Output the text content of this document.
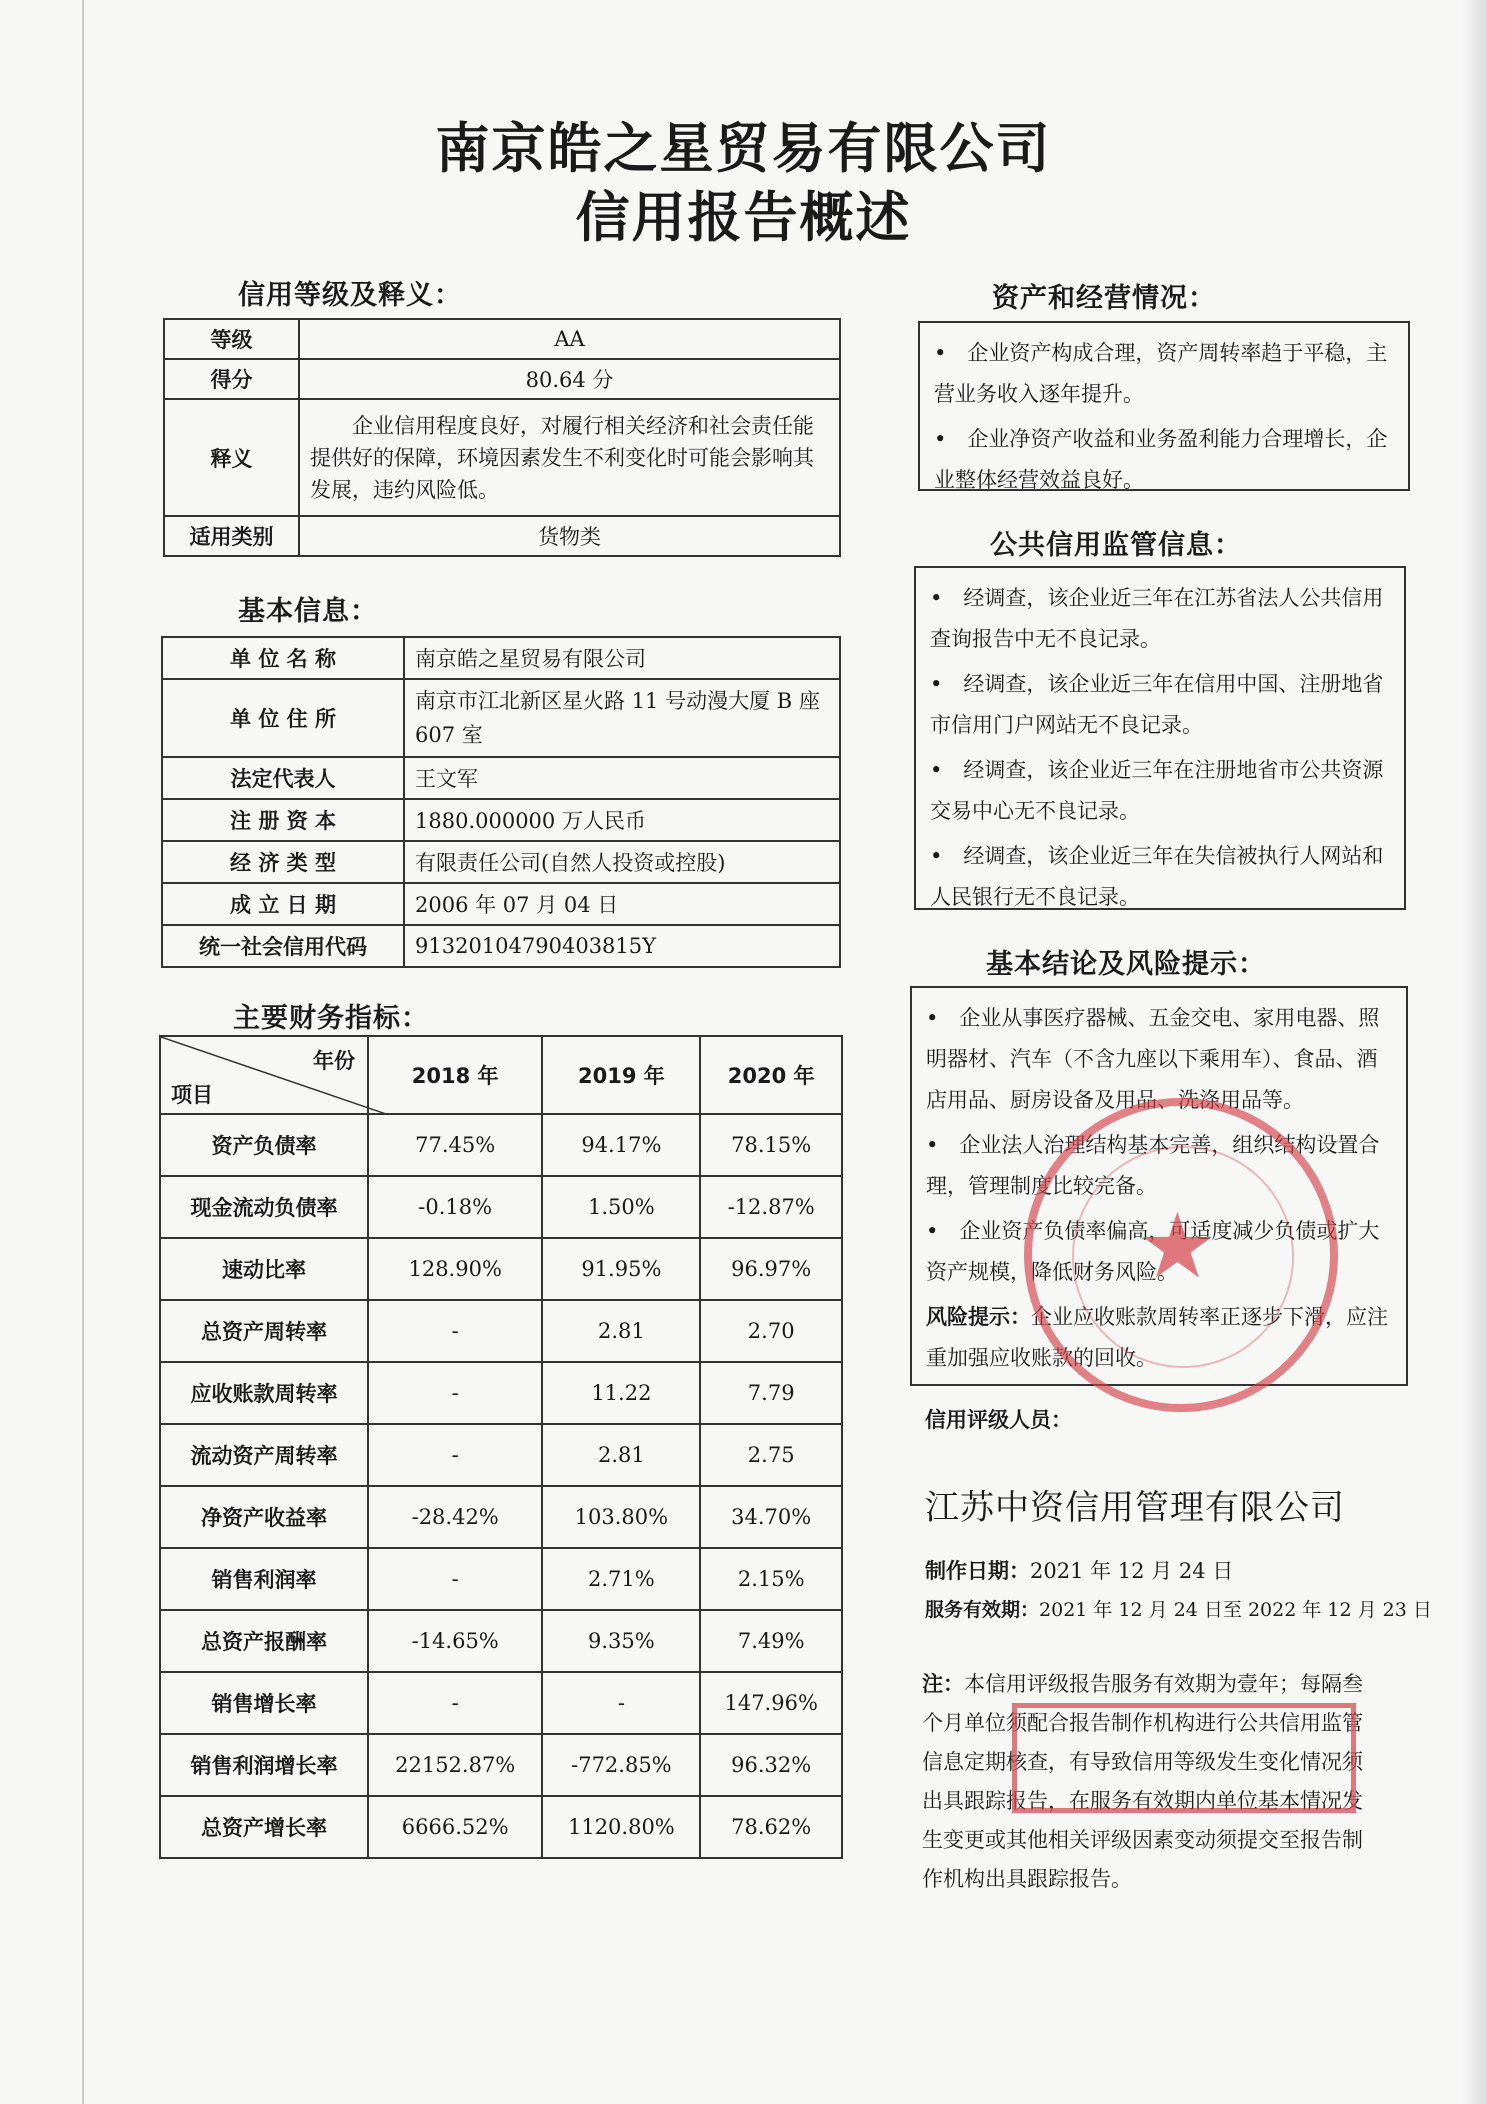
南京皓之星贸易有限公司
信用报告概述
信用等级及释义：
等级	AA
得分	80.64 分
释义	企业信用程度良好，对履行相关经济和社会责任能提供好的保障，环境因素发生不利变化时可能会影响其发展，违约风险低。
适用类别	货物类
基本信息：
单 位 名 称	南京皓之星贸易有限公司
单 位 住 所	南京市江北新区星火路 11 号动漫大厦 B 座 607 室
法定代表人	王文军
注 册 资 本	1880.000000 万人民币
经 济 类 型	有限责任公司(自然人投资或控股)
成 立 日 期	2006 年 07 月 04 日
统一社会信用代码	91320104790403815Y
主要财务指标：
年份
项目	2018 年	2019 年	2020 年
资产负债率	77.45%	94.17%	78.15%
现金流动负债率	-0.18%	1.50%	-12.87%
速动比率	128.90%	91.95%	96.97%
总资产周转率	-	2.81	2.70
应收账款周转率	-	11.22	7.79
流动资产周转率	-	2.81	2.75
净资产收益率	-28.42%	103.80%	34.70%
销售利润率	-	2.71%	2.15%
总资产报酬率	-14.65%	9.35%	7.49%
销售增长率	-	-	147.96%
销售利润增长率	22152.87%	-772.85%	96.32%
总资产增长率	6666.52%	1120.80%	78.62%
资产和经营情况：

•　企业资产构成合理，资产周转率趋于平稳，主营业务收入逐年提升。

•　企业净资产收益和业务盈利能力合理增长，企业整体经营效益良好。

公共信用监管信息：

•　经调查，该企业近三年在江苏省法人公共信用查询报告中无不良记录。

•　经调查，该企业近三年在信用中国、注册地省市信用门户网站无不良记录。

•　经调查，该企业近三年在注册地省市公共资源交易中心无不良记录。

•　经调查，该企业近三年在失信被执行人网站和人民银行无不良记录。

基本结论及风险提示：

•　企业从事医疗器械、五金交电、家用电器、照明器材、汽车（不含九座以下乘用车）、食品、酒店用品、厨房设备及用品、洗涤用品等。

•　企业法人治理结构基本完善，组织结构设置合理，管理制度比较完备。

•　企业资产负债率偏高，可适度减少负债或扩大资产规模，降低财务风险。

风险提示：企业应收账款周转率正逐步下滑，应注重加强应收账款的回收。

★
信用评级人员：
江苏中资信用管理有限公司
制作日期：2021 年 12 月 24 日
服务有效期：2021 年 12 月 24 日至 2022 年 12 月 23 日
注：本信用评级报告服务有效期为壹年；每隔叁个月单位须配合报告制作机构进行公共信用监管信息定期核查，有导致信用等级发生变化情况须出具跟踪报告，在服务有效期内单位基本情况发生变更或其他相关评级因素变动须提交至报告制作机构出具跟踪报告。
